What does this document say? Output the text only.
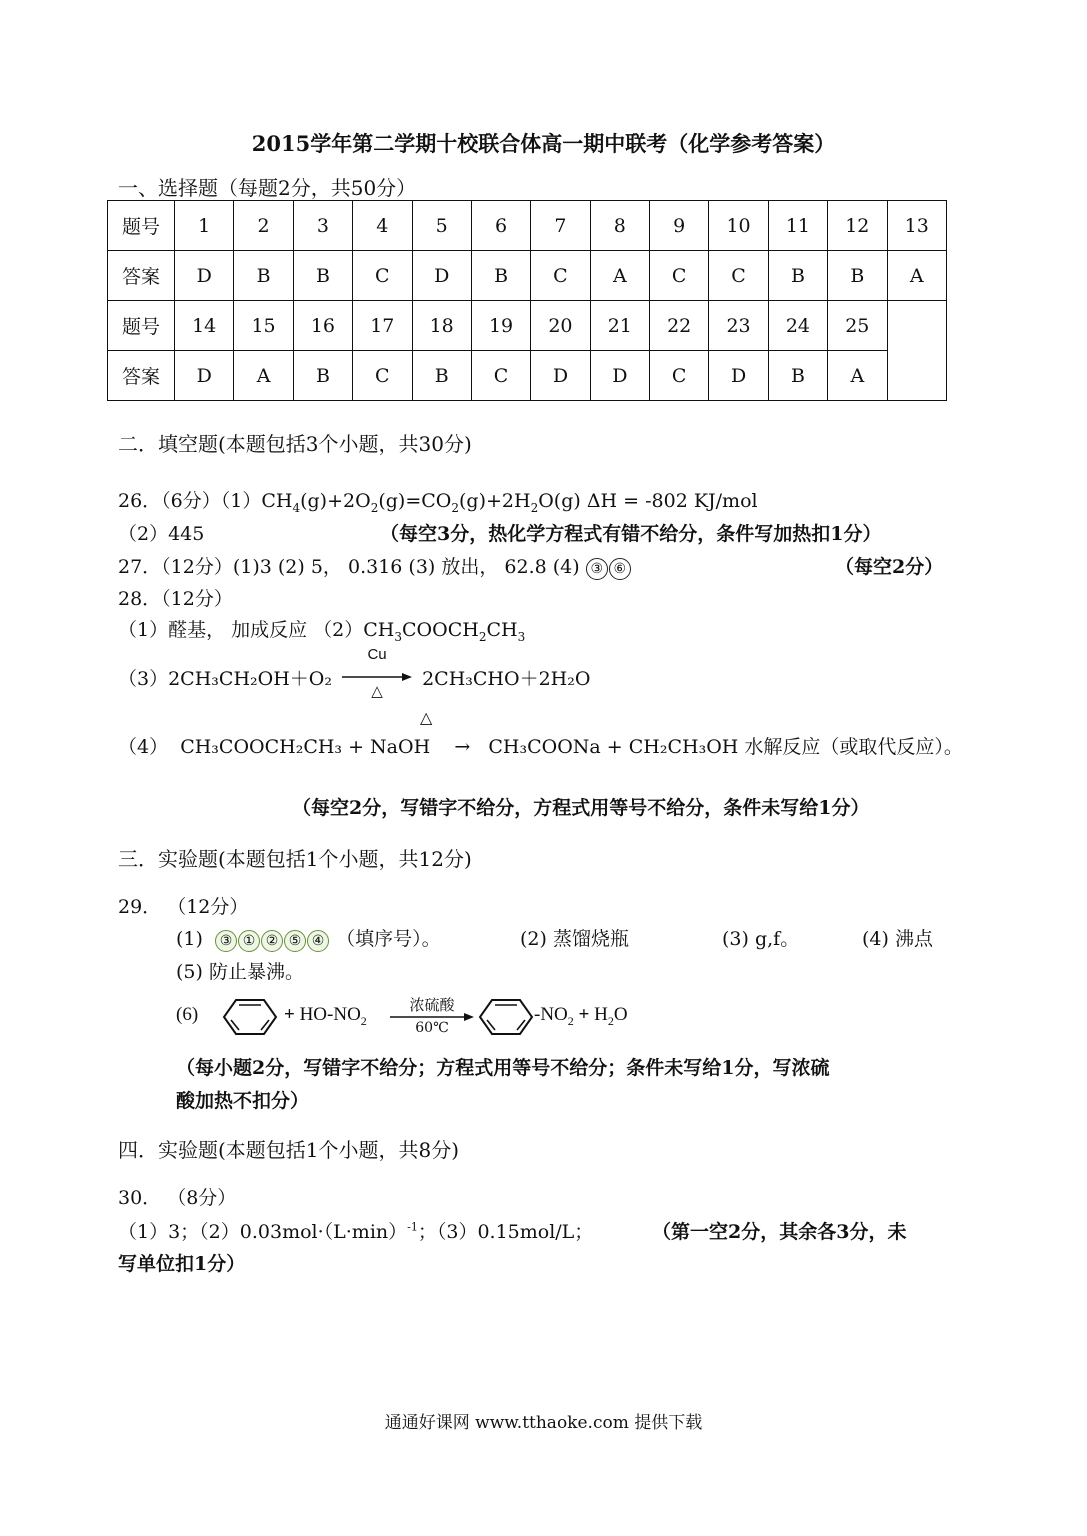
2015学年第二学期十校联合体高一期中联考（化学参考答案）
一、选择题（每题2分，共50分）
题号	1	2	3	4	5	6	7	8	9	10	11	12	13
答案	D	B	B	C	D	B	C	A	C	C	B	B	A
题号	14	15	16	17	18	19	20	21	22	23	24	25	
答案	D	A	B	C	B	C	D	D	C	D	B	A	
二．填空题(本题包括3个小题，共30分)
26．（6分）$(1)CH_4(g)+2O_2(g)=CO_2(g)+2H_2O(g) \Delta H = -802$ KJ/mol
（2）445	（每空3分，热化学方程式有错不给分，条件写加热扣1分）
27．（12分）(1)3 (2) 5， 0.316 (3) 放出， 62.8 (4) ③ ⑥	（每空2分）
28．（12分）
（1）醛基， 加成反应 $(2)CH_3COOCH_2CH_3$
（3）2CH₃CH₂OH＋O₂
Cu
△
2CH₃CHO＋2H₂O
△
（4） CH₃COOCH₂CH₃ + NaOH → CH₃COONa + CH₂CH₃OH 水解反应（或取代反应）。
（每空2分，写错字不给分，方程式用等号不给分，条件未写给1分）
三．实验题(本题包括1个小题，共12分)
29． （12分）
(1) ③ ① ② ⑤ ④ （填序号）。	(2) 蒸馏烧瓶	(3) g,f。	(4) 沸点
(5) 防止暴沸。
(6)	+ $HO-NO_2$
浓硫酸
60℃
$-NO_2 + H_2O$
（每小题2分，写错字不给分；方程式用等号不给分；条件未写给1分，写浓硫
酸加热不扣分）
四．实验题(本题包括1个小题，共8分)
30． （8分）
（1）3；$(2)0.03mol\cdot(L\cdot\min)^{-1}$；（3）0.15mol/L；	（第一空2分，其余各3分，未
写单位扣1分）
通通好课网 www.tthaoke.com 提供下载
